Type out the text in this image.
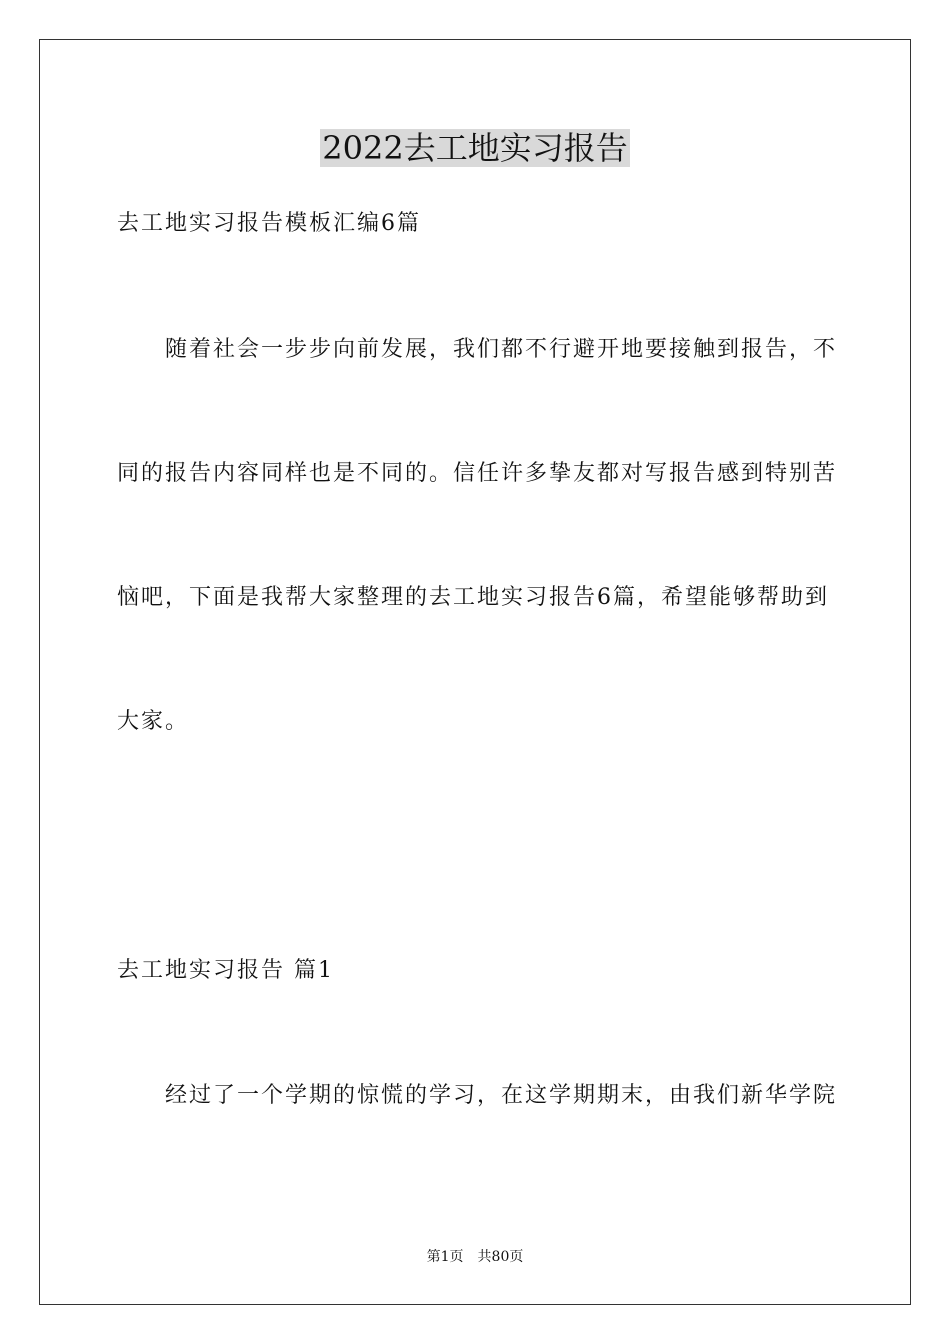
2022去工地实习报告
去工地实习报告模板汇编6篇
随着社会一步步向前发展，我们都不行避开地要接触到报告，不
同的报告内容同样也是不同的。信任许多挚友都对写报告感到特别苦
恼吧，下面是我帮大家整理的去工地实习报告6篇，希望能够帮助到
大家。
去工地实习报告 篇1
经过了一个学期的惊慌的学习，在这学期期末，由我们新华学院
第1页 共80页
